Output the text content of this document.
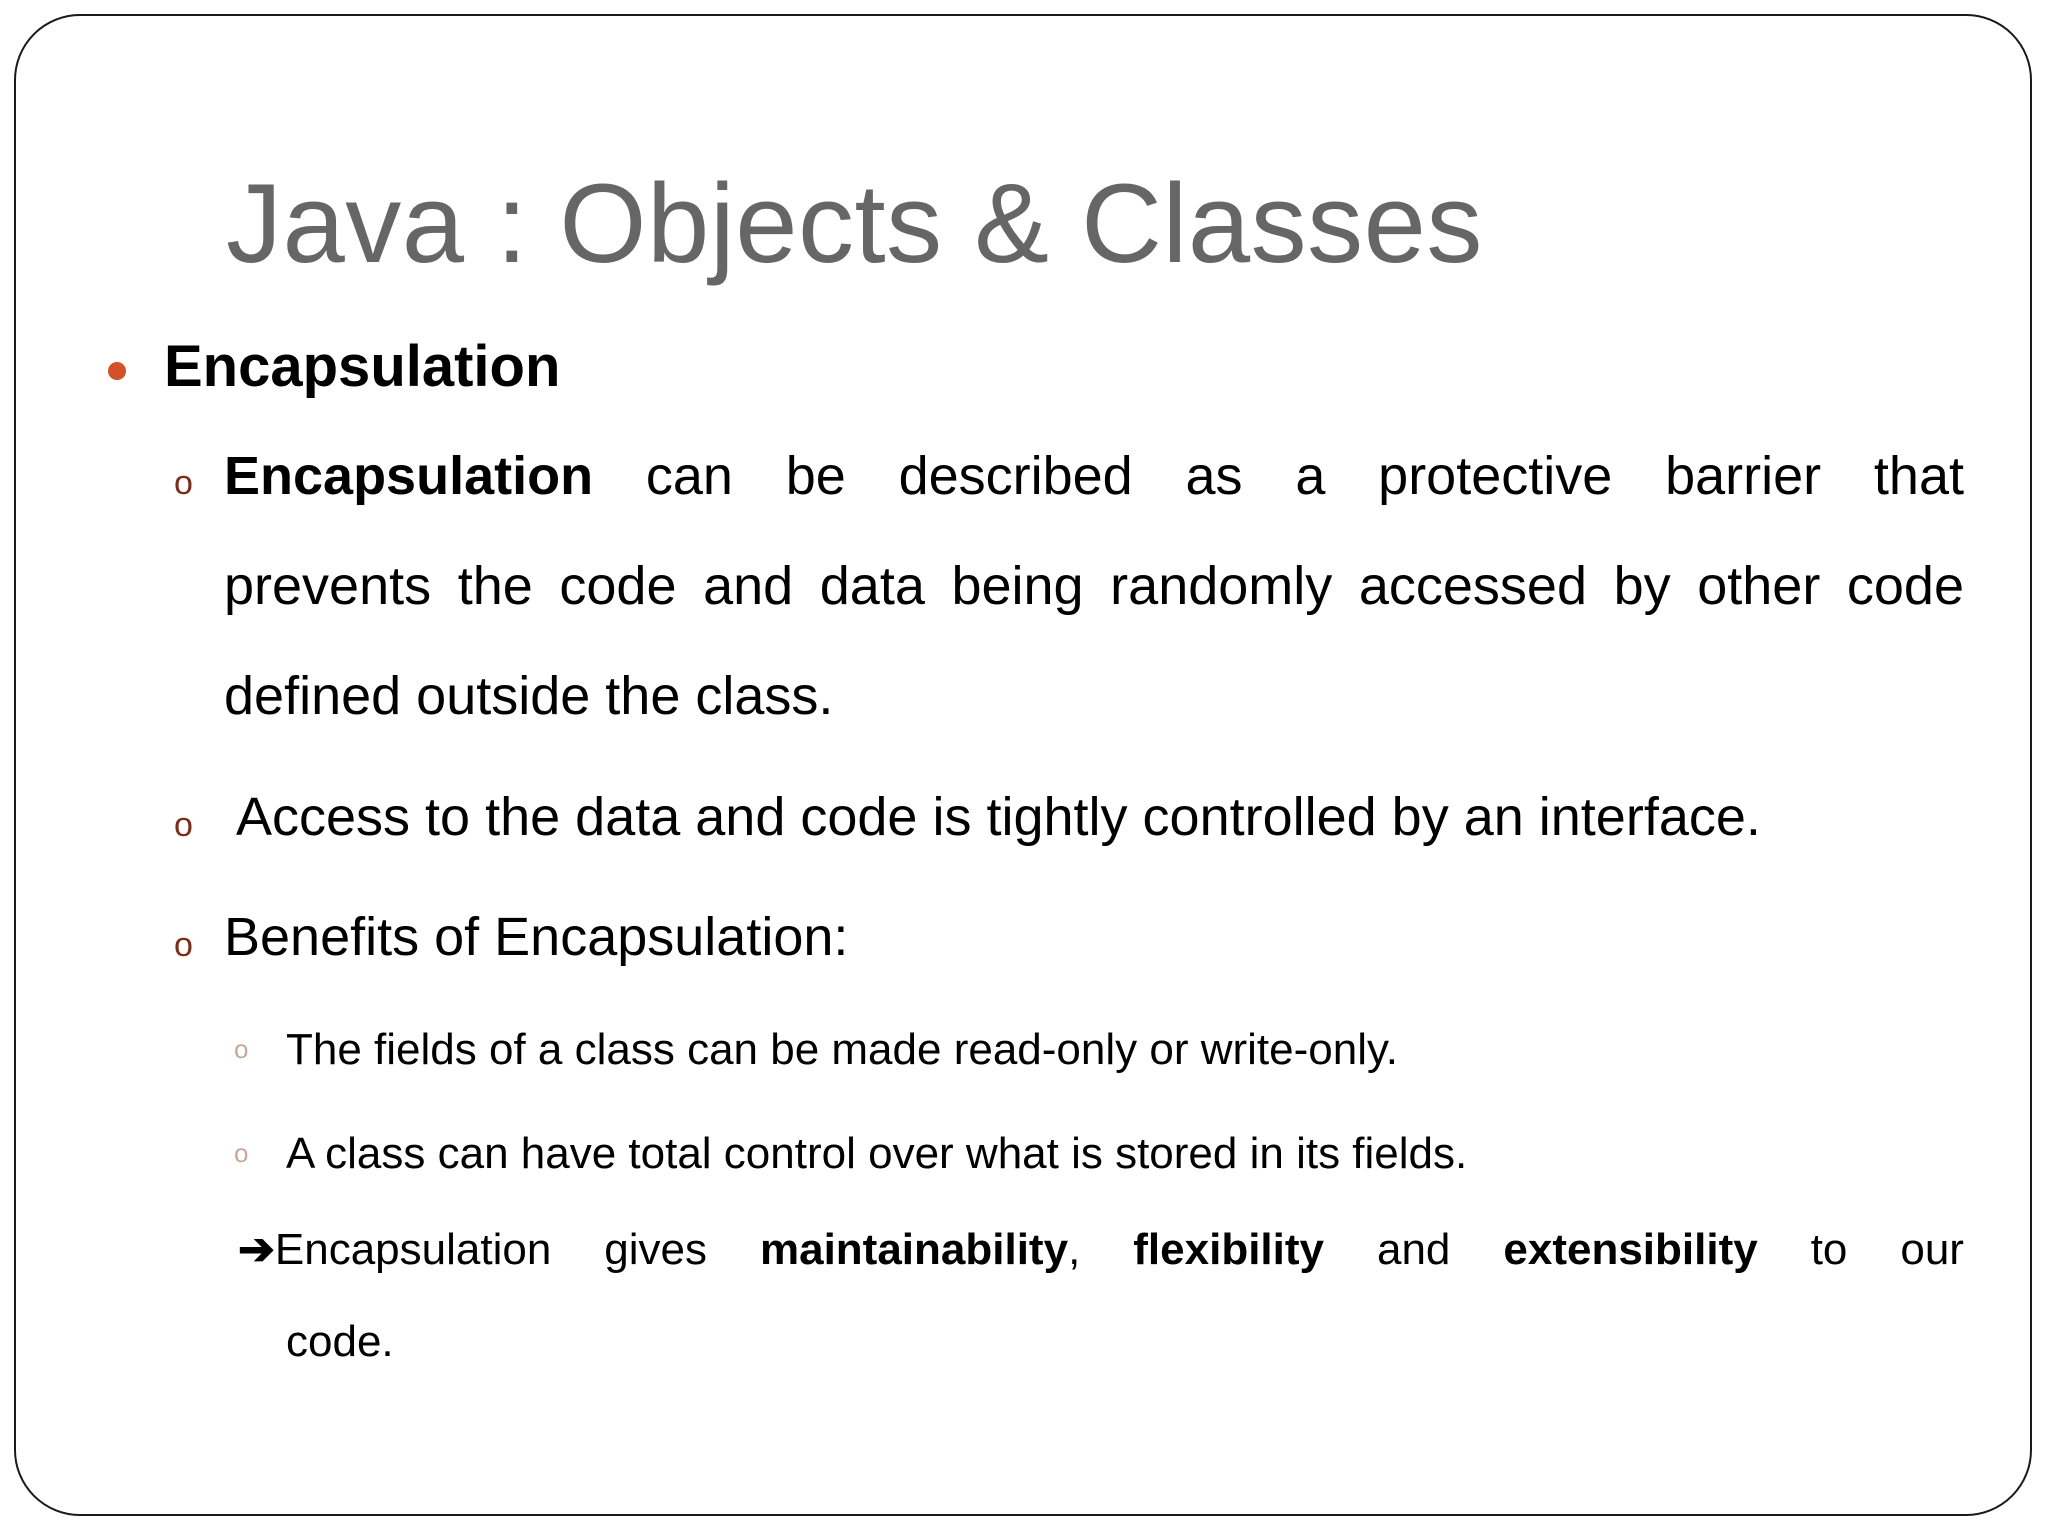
Java : Objects & Classes
Encapsulation
o Encapsulation can be described as a protective barrier that
prevents the code and data being randomly accessed by other code
defined outside the class.
o Access to the data and code is tightly controlled by an interface.
o Benefits of Encapsulation:
o The fields of a class can be made read-only or write-only.
o A class can have total control over what is stored in its fields.
➔Encapsulation gives maintainability, flexibility and extensibility to our
code.
